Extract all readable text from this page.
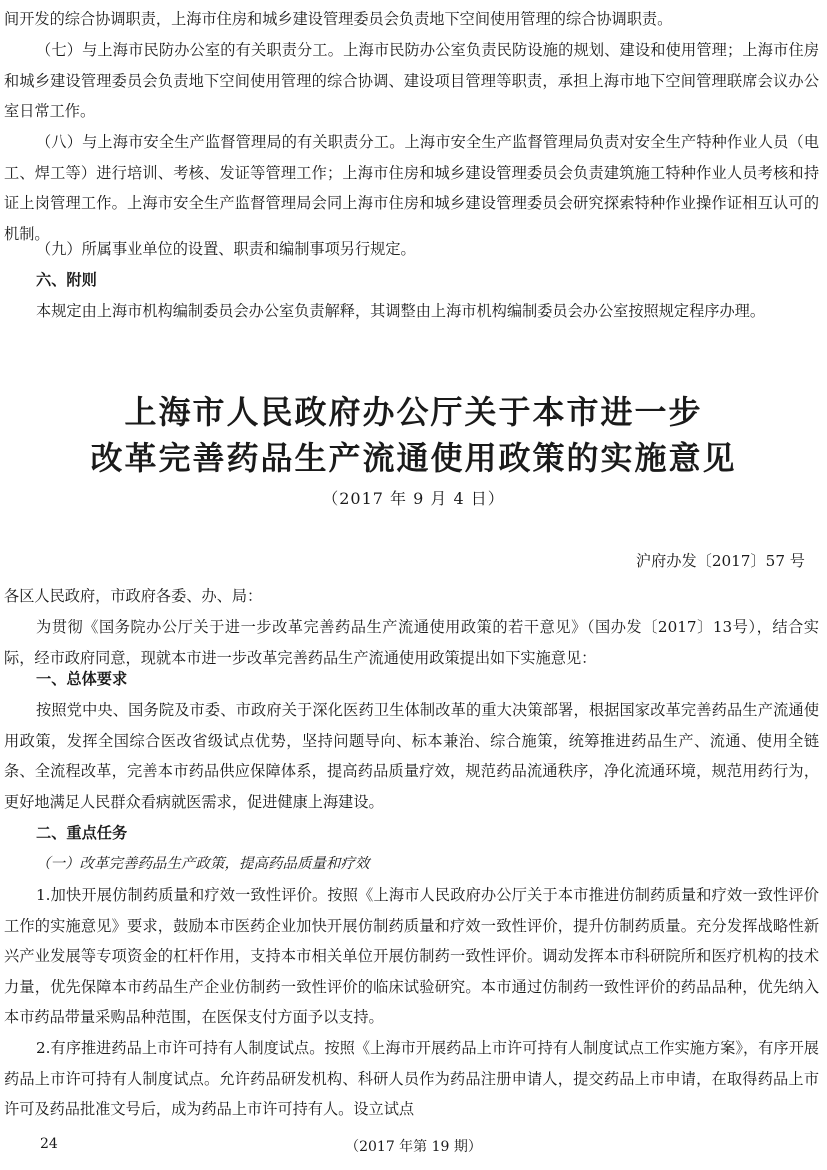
间开发的综合协调职责，上海市住房和城乡建设管理委员会负责地下空间使用管理的综合协调职责。

（七）与上海市民防办公室的有关职责分工。上海市民防办公室负责民防设施的规划、建设和使用管理；上海市住房和城乡建设管理委员会负责地下空间使用管理的综合协调、建设项目管理等职责，承担上海市地下空间管理联席会议办公室日常工作。

（八）与上海市安全生产监督管理局的有关职责分工。上海市安全生产监督管理局负责对安全生产特种作业人员（电工、焊工等）进行培训、考核、发证等管理工作；上海市住房和城乡建设管理委员会负责建筑施工特种作业人员考核和持证上岗管理工作。上海市安全生产监督管理局会同上海市住房和城乡建设管理委员会研究探索特种作业操作证相互认可的机制。

（九）所属事业单位的设置、职责和编制事项另行规定。

六、附则

本规定由上海市机构编制委员会办公室负责解释，其调整由上海市机构编制委员会办公室按照规定程序办理。

上海市人民政府办公厅关于本市进一步
改革完善药品生产流通使用政策的实施意见
（2017 年 9 月 4 日）
沪府办发〔2017〕57 号

各区人民政府，市政府各委、办、局：

为贯彻《国务院办公厅关于进一步改革完善药品生产流通使用政策的若干意见》（国办发〔2017〕13号），结合实际，经市政府同意，现就本市进一步改革完善药品生产流通使用政策提出如下实施意见：

一、总体要求

按照党中央、国务院及市委、市政府关于深化医药卫生体制改革的重大决策部署，根据国家改革完善药品生产流通使用政策，发挥全国综合医改省级试点优势，坚持问题导向、标本兼治、综合施策，统筹推进药品生产、流通、使用全链条、全流程改革，完善本市药品供应保障体系，提高药品质量疗效，规范药品流通秩序，净化流通环境，规范用药行为，更好地满足人民群众看病就医需求，促进健康上海建设。

二、重点任务

（一）改革完善药品生产政策，提高药品质量和疗效

1.加快开展仿制药质量和疗效一致性评价。按照《上海市人民政府办公厅关于本市推进仿制药质量和疗效一致性评价工作的实施意见》要求，鼓励本市医药企业加快开展仿制药质量和疗效一致性评价，提升仿制药质量。充分发挥战略性新兴产业发展等专项资金的杠杆作用，支持本市相关单位开展仿制药一致性评价。调动发挥本市科研院所和医疗机构的技术力量，优先保障本市药品生产企业仿制药一致性评价的临床试验研究。本市通过仿制药一致性评价的药品品种，优先纳入本市药品带量采购品种范围，在医保支付方面予以支持。

2.有序推进药品上市许可持有人制度试点。按照《上海市开展药品上市许可持有人制度试点工作实施方案》，有序开展药品上市许可持有人制度试点。允许药品研发机构、科研人员作为药品注册申请人，提交药品上市申请，在取得药品上市许可及药品批准文号后，成为药品上市许可持有人。设立试点

24	（2017 年第 19 期）
